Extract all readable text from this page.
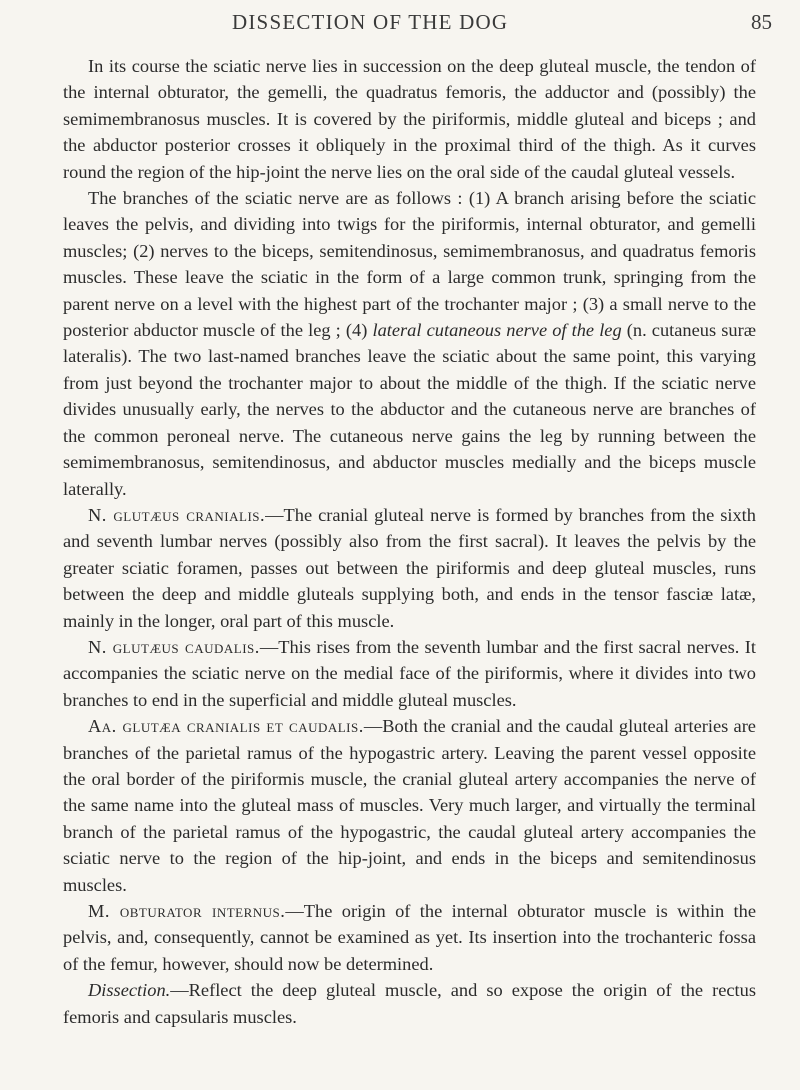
DISSECTION OF THE DOG	85

In its course the sciatic nerve lies in succession on the deep gluteal muscle, the tendon of the internal obturator, the gemelli, the quadratus femoris, the adductor and (possibly) the semimembranosus muscles. It is covered by the piriformis, middle gluteal and biceps ; and the abductor posterior crosses it obliquely in the proximal third of the thigh. As it curves round the region of the hip-joint the nerve lies on the oral side of the caudal gluteal vessels.

The branches of the sciatic nerve are as follows : (1) A branch arising before the sciatic leaves the pelvis, and dividing into twigs for the piriformis, internal obturator, and gemelli muscles; (2) nerves to the biceps, semitendinosus, semimembranosus, and quadratus femoris muscles. These leave the sciatic in the form of a large common trunk, springing from the parent nerve on a level with the highest part of the trochanter major ; (3) a small nerve to the posterior abductor muscle of the leg ; (4) lateral cutaneous nerve of the leg (n. cutaneus suræ lateralis). The two last-named branches leave the sciatic about the same point, this varying from just beyond the trochanter major to about the middle of the thigh. If the sciatic nerve divides unusually early, the nerves to the abductor and the cutaneous nerve are branches of the common peroneal nerve. The cutaneous nerve gains the leg by running between the semimembranosus, semitendinosus, and abductor muscles medially and the biceps muscle laterally.

N. glutæus cranialis.—The cranial gluteal nerve is formed by branches from the sixth and seventh lumbar nerves (possibly also from the first sacral). It leaves the pelvis by the greater sciatic foramen, passes out between the piriformis and deep gluteal muscles, runs between the deep and middle gluteals supplying both, and ends in the tensor fasciæ latæ, mainly in the longer, oral part of this muscle.

N. glutæus caudalis.—This rises from the seventh lumbar and the first sacral nerves. It accompanies the sciatic nerve on the medial face of the piriformis, where it divides into two branches to end in the superficial and middle gluteal muscles.

Aa. glutæa cranialis et caudalis.—Both the cranial and the caudal gluteal arteries are branches of the parietal ramus of the hypogastric artery. Leaving the parent vessel opposite the oral border of the piriformis muscle, the cranial gluteal artery accompanies the nerve of the same name into the gluteal mass of muscles. Very much larger, and virtually the terminal branch of the parietal ramus of the hypogastric, the caudal gluteal artery accompanies the sciatic nerve to the region of the hip-joint, and ends in the biceps and semitendinosus muscles.

M. obturator internus.—The origin of the internal obturator muscle is within the pelvis, and, consequently, cannot be examined as yet. Its insertion into the trochanteric fossa of the femur, however, should now be determined.

Dissection.—Reflect the deep gluteal muscle, and so expose the origin of the rectus femoris and capsularis muscles.
